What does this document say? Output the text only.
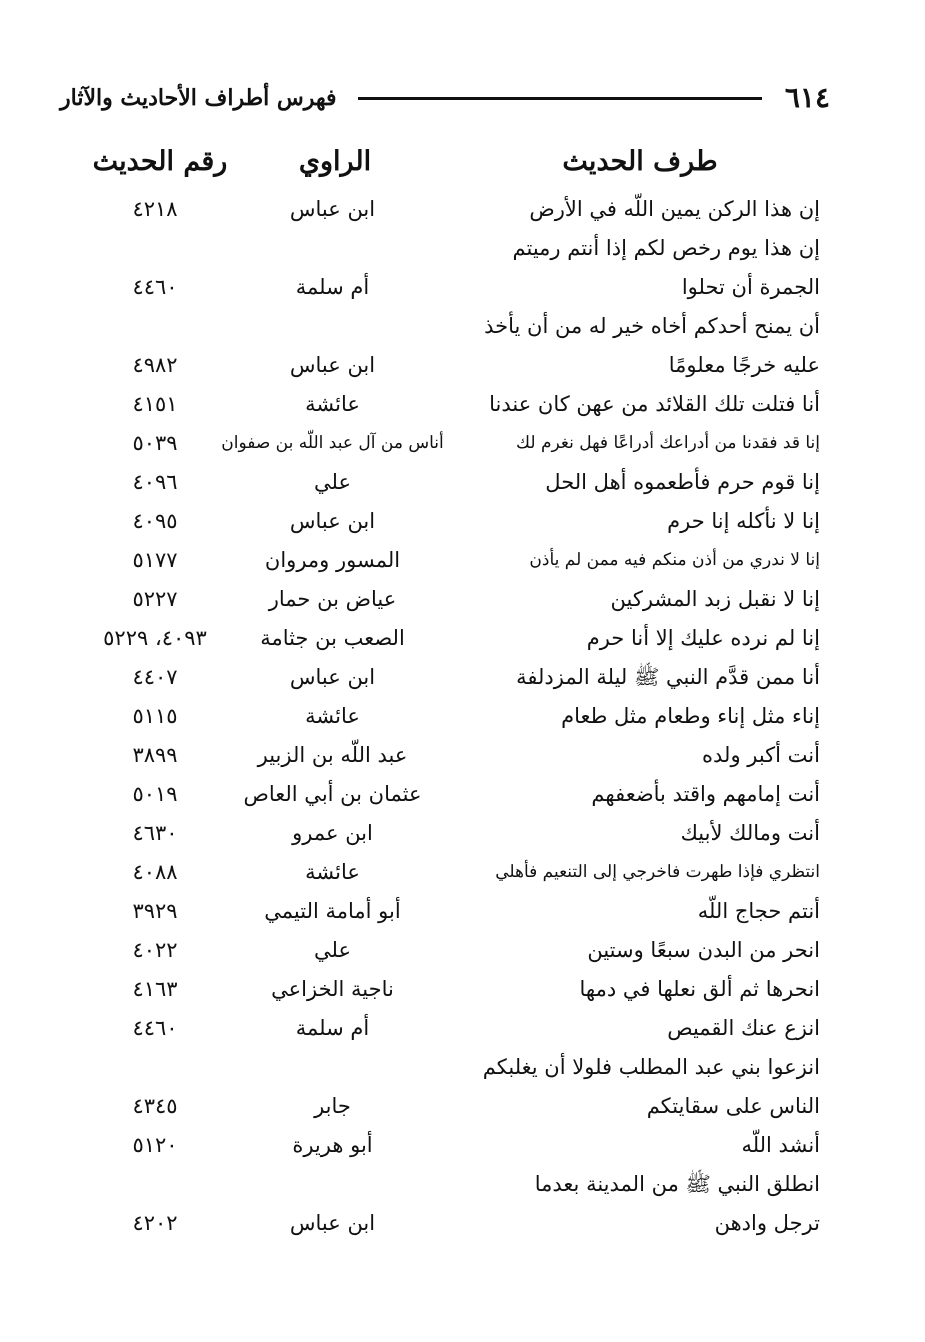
٦١٤
فهرس أطراف الأحاديث والآثار
طرف الحديث
الراوي
رقم الحديث
إن هذا الركن يمين اللّه في الأرض
ابن عباس
٤٢١٨
إن هذا يوم رخص لكم إذا أنتم رميتم
الجمرة أن تحلوا
أم سلمة
٤٤٦٠
أن يمنح أحدكم أخاه خير له من أن يأخذ
عليه خرجًا معلومًا
ابن عباس
٤٩٨٢
أنا فتلت تلك القلائد من عهن كان عندنا
عائشة
٤١٥١
إنا قد فقدنا من أدراعك أدراعًا فهل نغرم لك
أناس من آل عبد اللّه بن صفوان
٥٠٣٩
إنا قوم حرم فأطعموه أهل الحل
علي
٤٠٩٦
إنا لا نأكله إنا حرم
ابن عباس
٤٠٩٥
إنا لا ندري من أذن منكم فيه ممن لم يأذن
المسور ومروان
٥١٧٧
إنا لا نقبل زبد المشركين
عياض بن حمار
٥٢٢٧
إنا لم نرده عليك إلا أنا حرم
الصعب بن جثامة
٤٠٩٣، ٥٢٢٩
أنا ممن قدَّم النبي ﷺ ليلة المزدلفة
ابن عباس
٤٤٠٧
إناء مثل إناء وطعام مثل طعام
عائشة
٥١١٥
أنت أكبر ولده
عبد اللّه بن الزبير
٣٨٩٩
أنت إمامهم واقتد بأضعفهم
عثمان بن أبي العاص
٥٠١٩
أنت ومالك لأبيك
ابن عمرو
٤٦٣٠
انتظري فإذا طهرت فاخرجي إلى التنعيم فأهلي
عائشة
٤٠٨٨
أنتم حجاج اللّه
أبو أمامة التيمي
٣٩٢٩
انحر من البدن سبعًا وستين
علي
٤٠٢٢
انحرها ثم ألق نعلها في دمها
ناجية الخزاعي
٤١٦٣
انزع عنك القميص
أم سلمة
٤٤٦٠
انزعوا بني عبد المطلب فلولا أن يغلبكم
الناس على سقايتكم
جابر
٤٣٤٥
أنشد اللّه
أبو هريرة
٥١٢٠
انطلق النبي ﷺ من المدينة بعدما
ترجل وادهن
ابن عباس
٤٢٠٢
